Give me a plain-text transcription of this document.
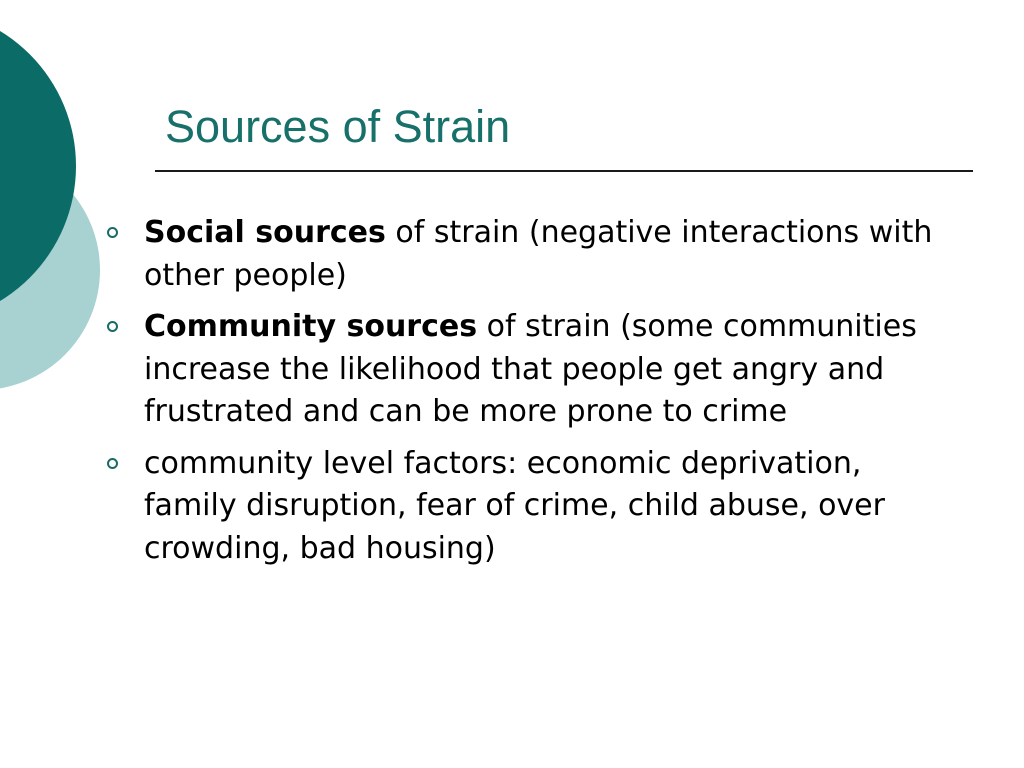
Sources of Strain
Social sources of strain (negative interactions with other people)
Community sources of strain (some communities increase the likelihood that people get angry and frustrated and can be more prone to crime
community level factors: economic deprivation, family disruption, fear of crime, child abuse, over crowding, bad housing)
